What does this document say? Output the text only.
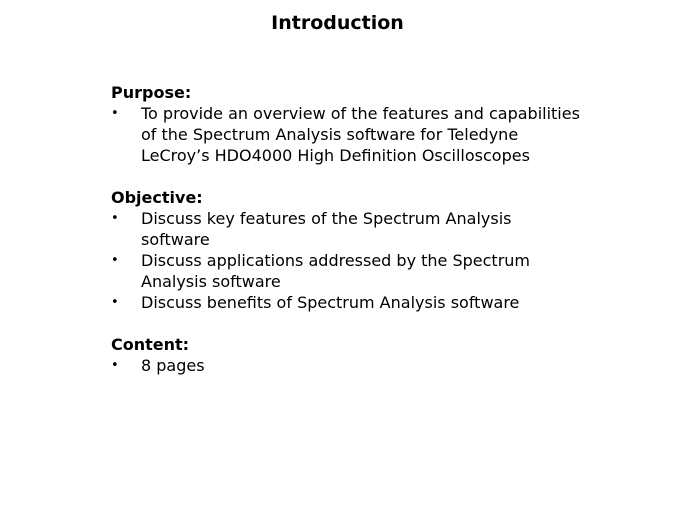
Introduction
Purpose:
• To provide an overview of the features and capabilities of the Spectrum Analysis software for Teledyne LeCroy’s HDO4000 High Definition Oscilloscopes
Objective:
• Discuss key features of the Spectrum Analysis software
• Discuss applications addressed by the Spectrum Analysis software
• Discuss benefits of Spectrum Analysis software
Content:
• 8 pages
